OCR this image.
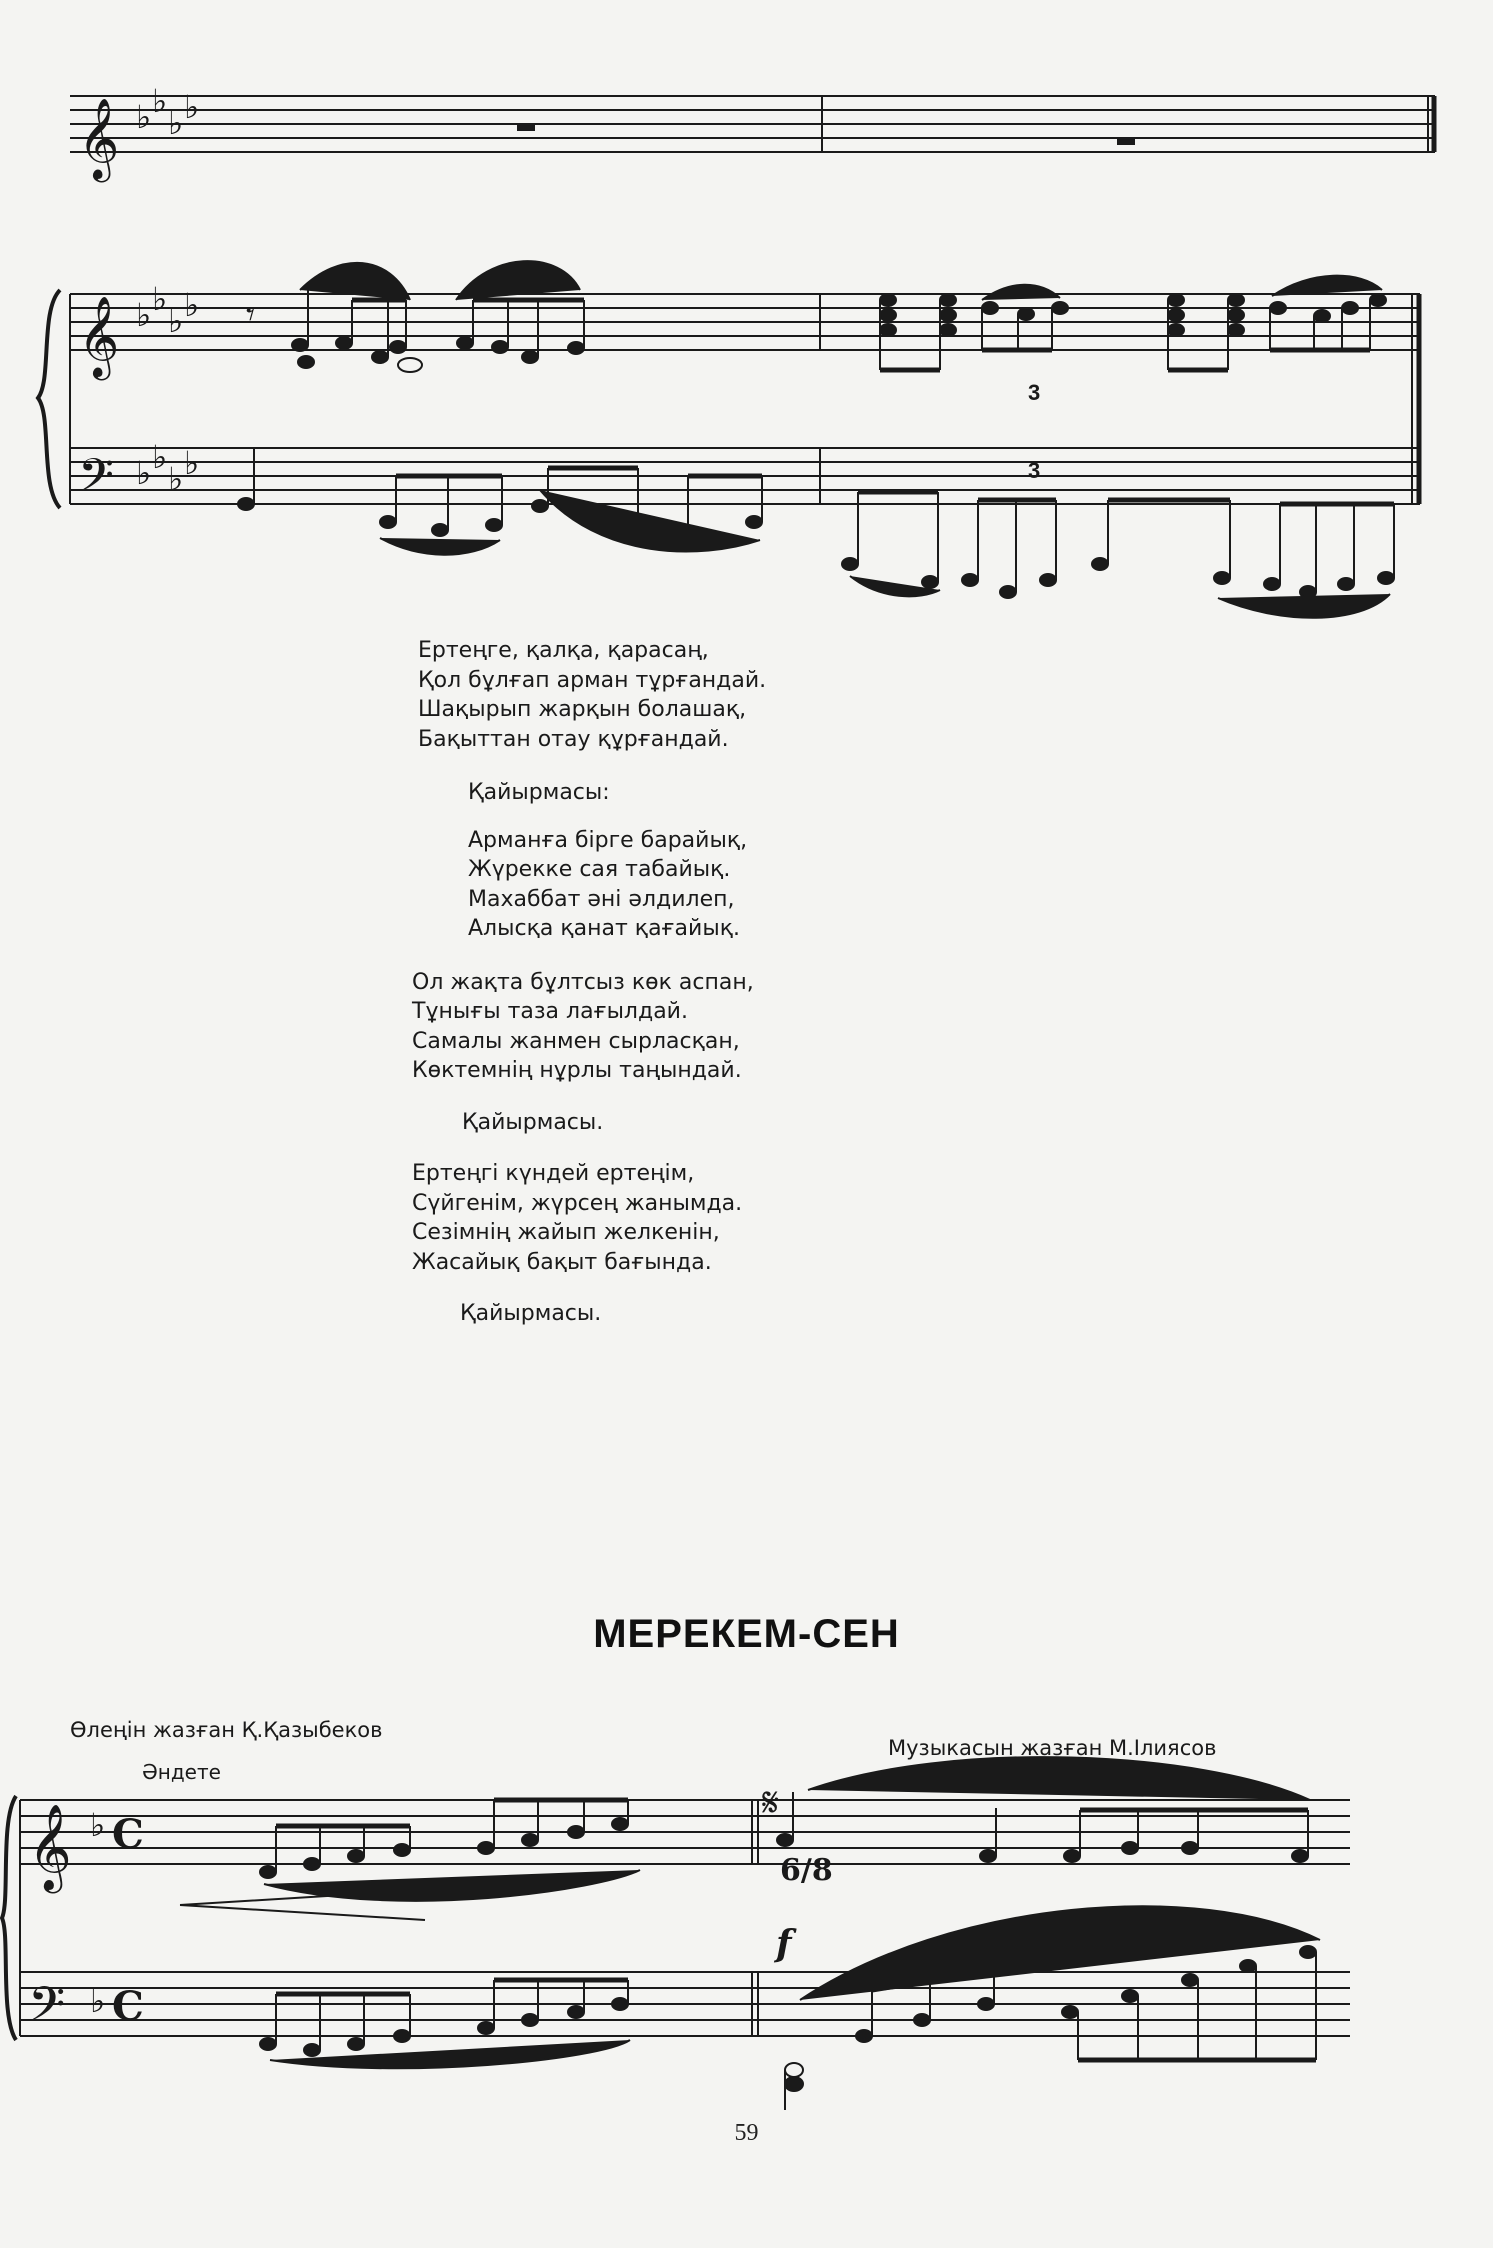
𝄞
𝄞
𝄢
♭ ♭
♭ ♭
♭ ♭
♭ ♭
♭ ♭
♭ ♭
𝄾
3
3
𝄞
𝄢
♭
♭
C
C
𝄋
6/8
f
Ертеңге, қалқа, қарасаң,
Қол бұлғап арман тұрғандай.
Шақырып жарқын болашақ,
Бақыттан отау құрғандай.
Қайырмасы:
Арманға бірге барайық,
Жүрекке сая табайық.
Махаббат әні әлдилеп,
Алысқа қанат қағайық.
Ол жақта бұлтсыз көк аспан,
Тұнығы таза лағылдай.
Самалы жанмен сырласқан,
Көктемнің нұрлы таңындай.
Қайырмасы.
Ертеңгі күндей ертеңім,
Сүйгенім, жүрсең жанымда.
Сезімнің жайып желкенін,
Жасайық бақыт бағында.
Қайырмасы.
МЕРЕКЕМ-СЕН
Өлеңін жазған Қ.Қазыбеков
Музыкасын жазған М.Ілиясов
Әндете
59
